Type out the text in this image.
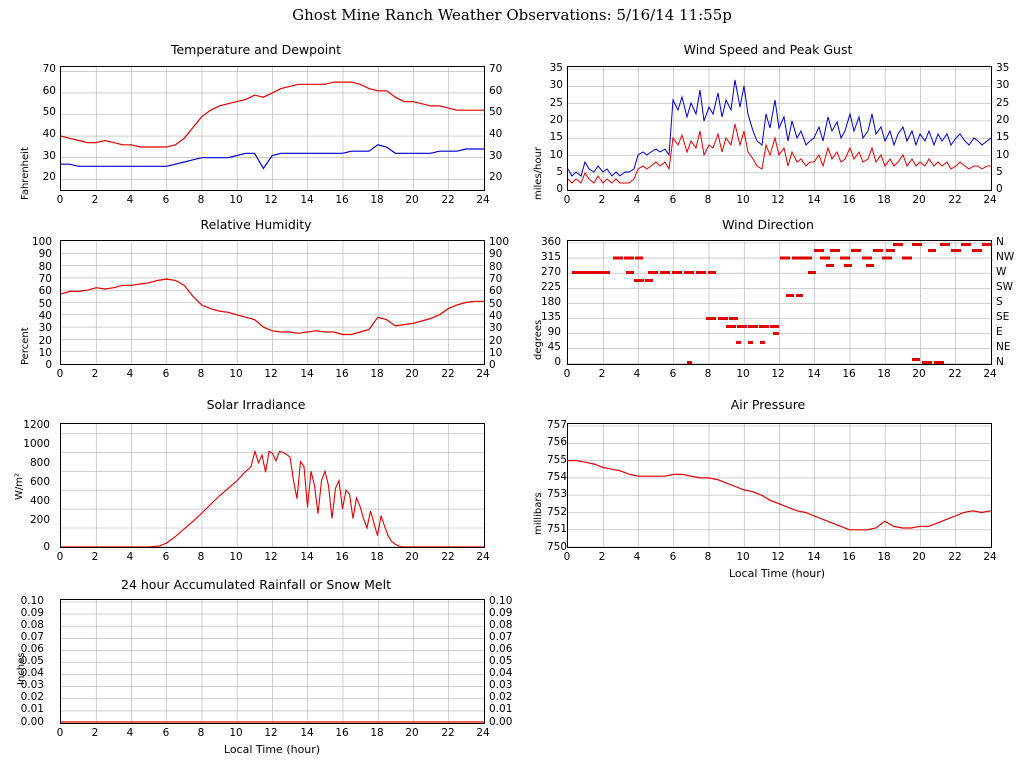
Ghost Mine Ranch Weather Observations: 5/16/14 11:55p
Temperature and Dewpoint
Fahrenheit
70
60
50
40
30
20
70
60
50
40
30
20
0	2	4	6	8	10	12	14	16	18	20	22	24
Wind Speed and Peak Gust
miles/hour
35
30
25
20
15
10
5
0
35
30
25
20
15
10
5
0
0	2	4	6	8	10	12	14	16	18	20	22	24
Relative Humidity
Percent
100
90
80
70
60
50
40
30
20
10
0
100
90
80
70
60
50
40
30
20
10
0
0	2	4	6	8	10	12	14	16	18	20	22	24
Wind Direction
degrees
360
315
270
225
180
135
90
45
0
N
NW
W
SW
S
SE
E
NE
N
0	2	4	6	8	10	12	14	16	18	20	22	24
Solar Irradiance
W/m²
1200
1000
800
600
400
200
0
0	2	4	6	8	10	12	14	16	18	20	22	24
Air Pressure
millibars
757
756
755
754
753
752
751
750
0	2	4	6	8	10	12	14	16	18	20	22	24
Local Time (hour)
24 hour Accumulated Rainfall or Snow Melt
Inches
0.10
0.09
0.08
0.07
0.06
0.05
0.04
0.03
0.02
0.01
0.00
0.10
0.09
0.08
0.07
0.06
0.05
0.04
0.03
0.02
0.01
0.00
0	2	4	6	8	10	12	14	16	18	20	22	24
Local Time (hour)
